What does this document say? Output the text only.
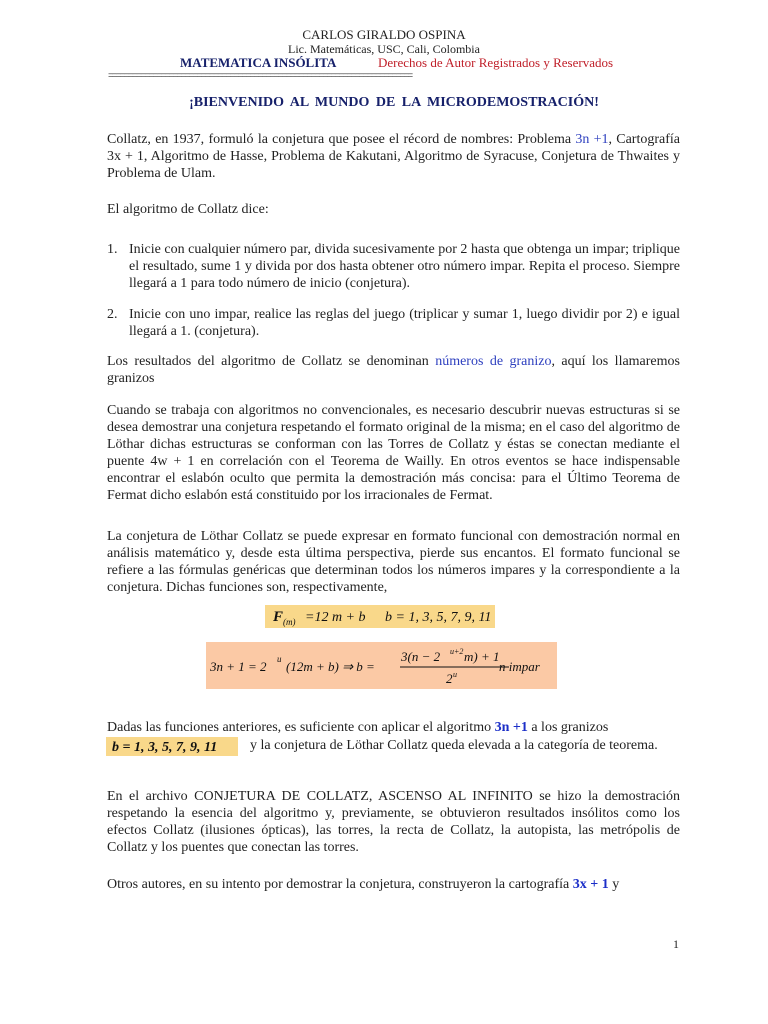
CARLOS GIRALDO OSPINA
Lic. Matemáticas, USC, Cali, Colombia
MATEMATICA INSÓLITA	Derechos de Autor Registrados y Reservados
===========================================================================
¡BIENVENIDO AL MUNDO DE LA MICRODEMOSTRACIÓN!

Collatz, en 1937, formuló la conjetura que posee el récord de nombres: Problema 3n +1, Cartografía 3x + 1, Algoritmo de Hasse, Problema de Kakutani, Algoritmo de Syracuse, Conjetura de Thwaites y Problema de Ulam.

El algoritmo de Collatz dice:

1. Inicie con cualquier número par, divida sucesivamente por 2 hasta que obtenga un impar; triplique el resultado, sume 1 y divida por dos hasta obtener otro número impar. Repita el proceso. Siempre llegará a 1 para todo número de inicio (conjetura).
2. Inicie con uno impar, realice las reglas del juego (triplicar y sumar 1, luego dividir por 2) e igual llegará a 1. (conjetura).

Los resultados del algoritmo de Collatz se denominan números de granizo, aquí los llamaremos granizos

Cuando se trabaja con algoritmos no convencionales, es necesario descubrir nuevas estructuras si se desea demostrar una conjetura respetando el formato original de la misma; en el caso del algoritmo de Löthar dichas estructuras se conforman con las Torres de Collatz y éstas se conectan mediante el puente 4w + 1 en correlación con el Teorema de Wailly. En otros eventos se hace indispensable encontrar el eslabón oculto que permita la demostración más concisa: para el Último Teorema de Fermat dicho eslabón está constituido por los irracionales de Fermat.

La conjetura de Löthar Collatz se puede expresar en formato funcional con demostración normal en análisis matemático y, desde esta última perspectiva, pierde sus encantos. El formato funcional se refiere a las fórmulas genéricas que determinan todos los números impares y la correspondiente a la conjetura. Dichas funciones son, respectivamente,

F (m) =12 m + b b = 1, 3, 5, 7, 9, 11
3n + 1 = 2 u (12m + b) ⇒ b =
3(n − 2 u+2 m) + 1
2 u
n impar

Dadas las funciones anteriores, es suficiente con aplicar el algoritmo 3n +1 a los granizos

b = 1, 3, 5, 7, 9, 11 y la conjetura de Löthar Collatz queda elevada a la categoría de teorema.

En el archivo CONJETURA DE COLLATZ, ASCENSO AL INFINITO se hizo la demostración respetando la esencia del algoritmo y, previamente, se obtuvieron resultados insólitos como los efectos Collatz (ilusiones ópticas), las torres, la recta de Collatz, la autopista, las metrópolis de Collatz y los puentes que conectan las torres.

Otros autores, en su intento por demostrar la conjetura, construyeron la cartografía 3x + 1 y

1
